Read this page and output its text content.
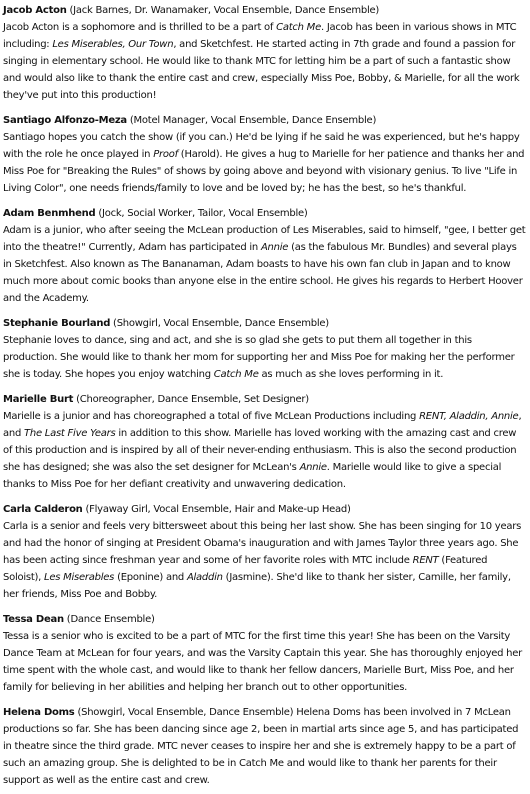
Jacob Acton (Jack Barnes, Dr. Wanamaker, Vocal Ensemble, Dance Ensemble)
Jacob Acton is a sophomore and is thrilled to be a part of Catch Me. Jacob has been in various shows in MTC including: Les Miserables, Our Town, and Sketchfest. He started acting in 7th grade and found a passion for singing in elementary school. He would like to thank MTC for letting him be a part of such a fantastic show and would also like to thank the entire cast and crew, especially Miss Poe, Bobby, & Marielle, for all the work they've put into this production!
Santiago Alfonzo-Meza (Motel Manager, Vocal Ensemble, Dance Ensemble)
Santiago hopes you catch the show (if you can.) He'd be lying if he said he was experienced, but he's happy with the role he once played in Proof (Harold). He gives a hug to Marielle for her patience and thanks her and Miss Poe for "Breaking the Rules" of shows by going above and beyond with visionary genius. To live "Life in Living Color", one needs friends/family to love and be loved by; he has the best, so he's thankful.
Adam Benmhend (Jock, Social Worker, Tailor, Vocal Ensemble)
Adam is a junior, who after seeing the McLean production of Les Miserables, said to himself, "gee, I better get into the theatre!" Currently, Adam has participated in Annie (as the fabulous Mr. Bundles) and several plays in Sketchfest. Also known as The Bananaman, Adam boasts to have his own fan club in Japan and to know much more about comic books than anyone else in the entire school. He gives his regards to Herbert Hoover and the Academy.
Stephanie Bourland (Showgirl, Vocal Ensemble, Dance Ensemble)
Stephanie loves to dance, sing and act, and she is so glad she gets to put them all together in this production. She would like to thank her mom for supporting her and Miss Poe for making her the performer she is today. She hopes you enjoy watching Catch Me as much as she loves performing in it.
Marielle Burt (Choreographer, Dance Ensemble, Set Designer)
Marielle is a junior and has choreographed a total of five McLean Productions including RENT, Aladdin, Annie, and The Last Five Years in addition to this show. Marielle has loved working with the amazing cast and crew of this production and is inspired by all of their never-ending enthusiasm. This is also the second production she has designed; she was also the set designer for McLean's Annie. Marielle would like to give a special thanks to Miss Poe for her defiant creativity and unwavering dedication.
Carla Calderon (Flyaway Girl, Vocal Ensemble, Hair and Make-up Head)
Carla is a senior and feels very bittersweet about this being her last show. She has been singing for 10 years and had the honor of singing at President Obama's inauguration and with James Taylor three years ago. She has been acting since freshman year and some of her favorite roles with MTC include RENT (Featured Soloist), Les Miserables (Eponine) and Aladdin (Jasmine). She'd like to thank her sister, Camille, her family, her friends, Miss Poe and Bobby.
Tessa Dean (Dance Ensemble)
Tessa is a senior who is excited to be a part of MTC for the first time this year! She has been on the Varsity Dance Team at McLean for four years, and was the Varsity Captain this year. She has thoroughly enjoyed her time spent with the whole cast, and would like to thank her fellow dancers, Marielle Burt, Miss Poe, and her family for believing in her abilities and helping her branch out to other opportunities.
Helena Doms (Showgirl, Vocal Ensemble, Dance Ensemble) Helena Doms has been involved in 7 McLean productions so far. She has been dancing since age 2, been in martial arts since age 5, and has participated in theatre since the third grade. MTC never ceases to inspire her and she is extremely happy to be a part of such an amazing group. She is delighted to be in Catch Me and would like to thank her parents for their support as well as the entire cast and crew.
